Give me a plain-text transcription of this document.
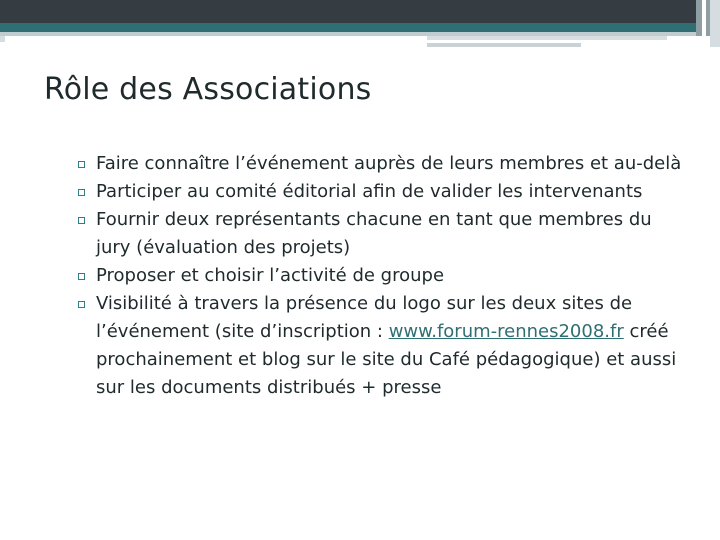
Rôle des Associations
Faire connaître l’événement auprès de leurs membres et au-delà
Participer au comité éditorial afin de valider les intervenants
Fournir deux représentants chacune en tant que membres du jury (évaluation des projets)
Proposer et choisir l’activité de groupe
Visibilité à travers la présence du logo sur les deux sites de l’événement (site d’inscription : www.forum-rennes2008.fr créé prochainement et blog sur le site du Café pédagogique) et aussi sur les documents distribués + presse
